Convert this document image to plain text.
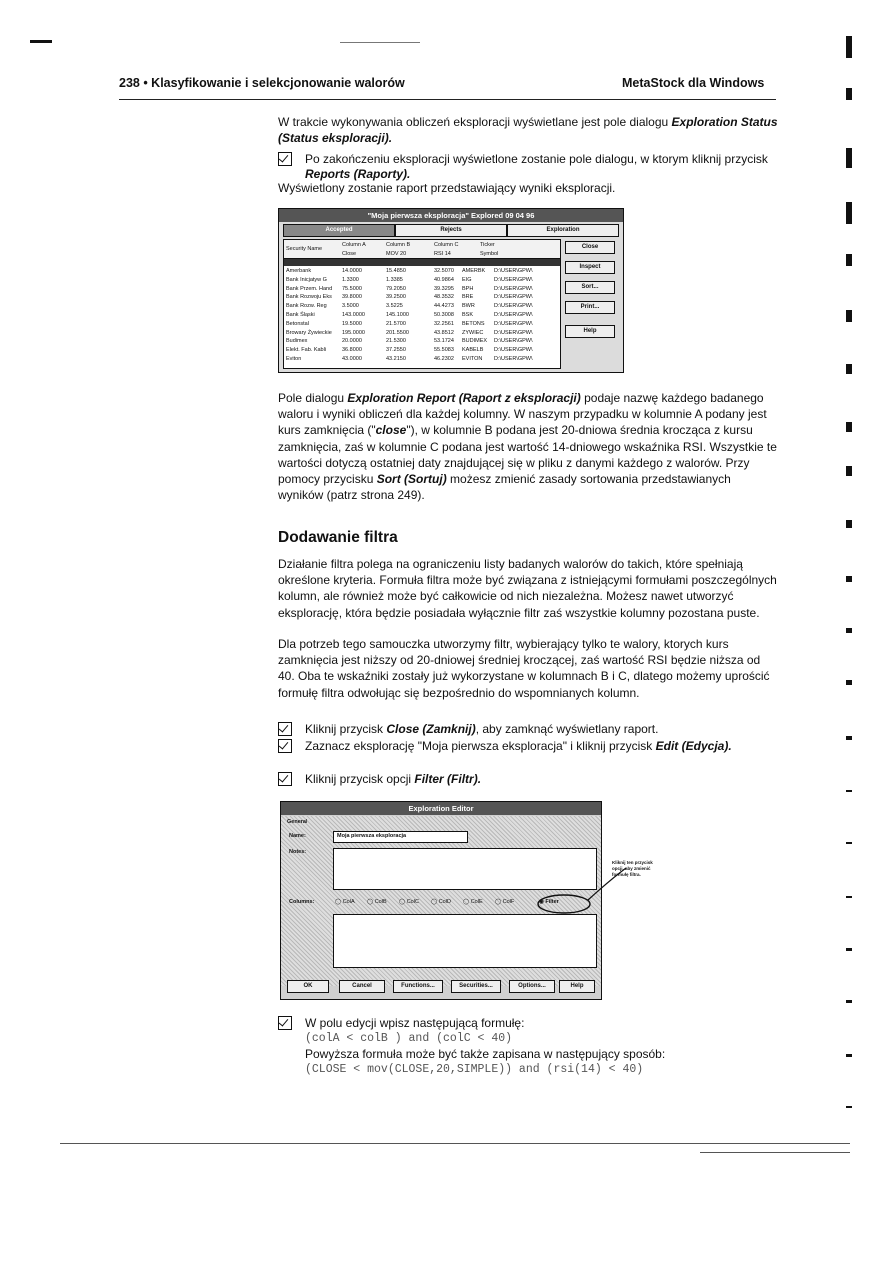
238 • Klasyfikowanie i selekcjonowanie walorów	MetaStock dla Windows

W trakcie wykonywania obliczeń eksploracji wyświetlane jest pole dialogu Exploration Status (Status eksploracji).

Po zakończeniu eksploracji wyświetlone zostanie pole dialogu, w ktorym kliknij przycisk Reports (Raporty).

Wyświetlony zostanie raport przedstawiający wyniki eksploracji.

"Moja pierwsza eksploracja" Explored 09 04 96
Accepted	Rejects	Exploration
Security Name
Column A Close
Column B MOV 20
Column C RSI 14
Ticker Symbol
Amerbank	14.0000	15.4850	32.5070 AMERBK D:\USER\GPW\
Bank Inicjatyw G	1.3300	1.3385	40.9864 EIG	D:\USER\GPW\
Bank Przem. Hand 75.5000	79.2050	39.3295 BPH	D:\USER\GPW\
Bank Rozwoju Eks 39.8000	39.2500	48.3532 BRE	D:\USER\GPW\
Bank Rozw. Reg	3.5000	3.5225	44.4273 BWR	D:\USER\GPW\
Bank Śląski	143.0000	145.1000	50.3008 BSK	D:\USER\GPW\
Betonstal	19.5000	21.5700	32.2561 BETONS D:\USER\GPW\
Browary Żywieckie 195.0000	201.5500	43.8512 ZYWIEC D:\USER\GPW\
Budimex	20.0000	21.5300	53.1724 BUDIMEX D:\USER\GPW\
Elekt. Fab. Kabli	36.8000	37.2550	55.5083 KABELB D:\USER\GPW\
Eviton	43.0000	43.2150	46.2302 EVITON D:\USER\GPW\
Close
Inspect
Sort...
Print...
Help

Pole dialogu Exploration Report (Raport z eksploracji) podaje nazwę każdego badanego waloru i wyniki obliczeń dla każdej kolumny. W naszym przypadku w kolumnie A podany jest kurs zamknięcia ("close"), w kolumnie B podana jest 20-dniowa średnia krocząca z kursu zamknięcia, zaś w kolumnie C podana jest wartość 14-dniowego wskaźnika RSI. Wszystkie te wartości dotyczą ostatniej daty znajdującej się w pliku z danymi każdego z walorów. Przy pomocy przycisku Sort (Sortuj) możesz zmienić zasady sortowania przedstawianych wyników (patrz strona 249).

Dodawanie filtra

Działanie filtra polega na ograniczeniu listy badanych walorów do takich, które spełniają określone kryteria. Formuła filtra może być związana z istniejącymi formułami poszczególnych kolumn, ale również może być całkowicie od nich niezależna. Możesz nawet utworzyć eksplorację, która będzie posiadała wyłącznie filtr zaś wszystkie kolumny pozostana puste.

Dla potrzeb tego samouczka utworzymy filtr, wybierający tylko te walory, ktorych kurs zamknięcia jest niższy od 20-dniowej średniej kroczącej, zaś wartość RSI będzie niższa od 40. Oba te wskaźniki zostały już wykorzystane w kolumnach B i C, dlatego możemy uprościć formułę filtra odwołując się bezpośrednio do wspomnianych kolumn.

Kliknij przycisk Close (Zamknij), aby zamknąć wyświetlany raport.
Zaznacz eksplorację "Moja pierwsza eksploracja" i kliknij przycisk Edit (Edycja).
Kliknij przycisk opcji Filter (Filtr).
Exploration Editor
General
Name:	Moja pierwsza eksploracja
Notes:
Columns:	◯ ColA ◯ ColB ◯ ColC ◯ ColD ◯ ColE ◯ ColF	◉ Filter
OK	Cancel	Functions...	Securities...	Options...	Help
Kliknij ten przycisk opcji, aby zmienić formułę filtra.
W polu edycji wpisz następującą formułę:
(colA < colB ) and (colC < 40)
Powyższa formuła może być także zapisana w następujący sposób:
(CLOSE < mov(CLOSE,20,SIMPLE)) and (rsi(14) < 40)
